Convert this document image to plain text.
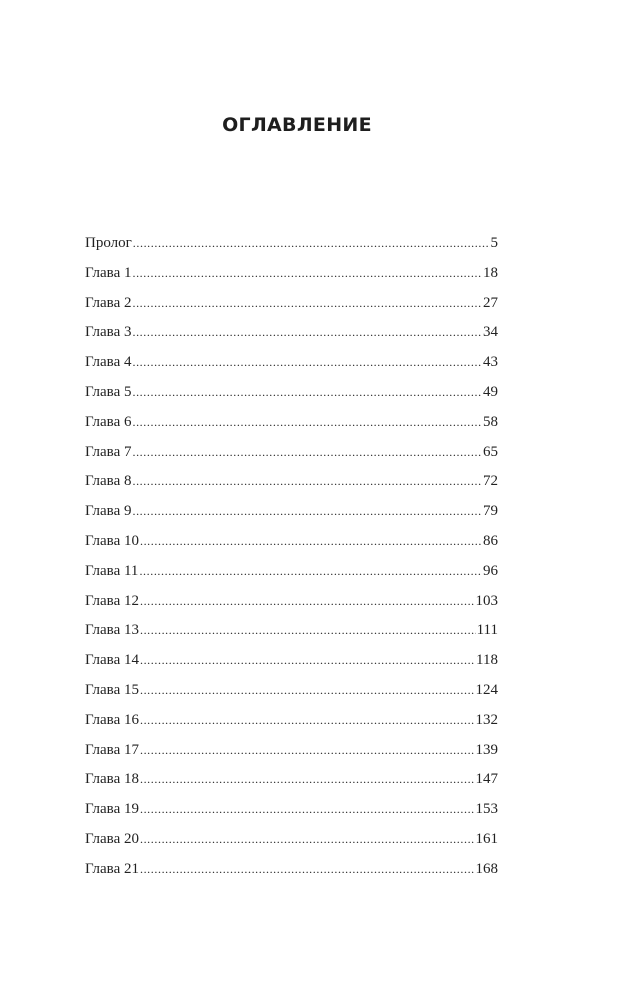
ОГЛАВЛЕНИЕ
Пролог .....	5
Глава 1 .....	18
Глава 2 .....	27
Глава 3 .....	34
Глава 4 .....	43
Глава 5 .....	49
Глава 6 .....	58
Глава 7 .....	65
Глава 8 .....	72
Глава 9 .....	79
Глава 10 .....	86
Глава 11 .....	96
Глава 12 .....	103
Глава 13 .....	111
Глава 14 .....	118
Глава 15 .....	124
Глава 16 .....	132
Глава 17 .....	139
Глава 18 .....	147
Глава 19 .....	153
Глава 20 .....	161
Глава 21 .....	168
